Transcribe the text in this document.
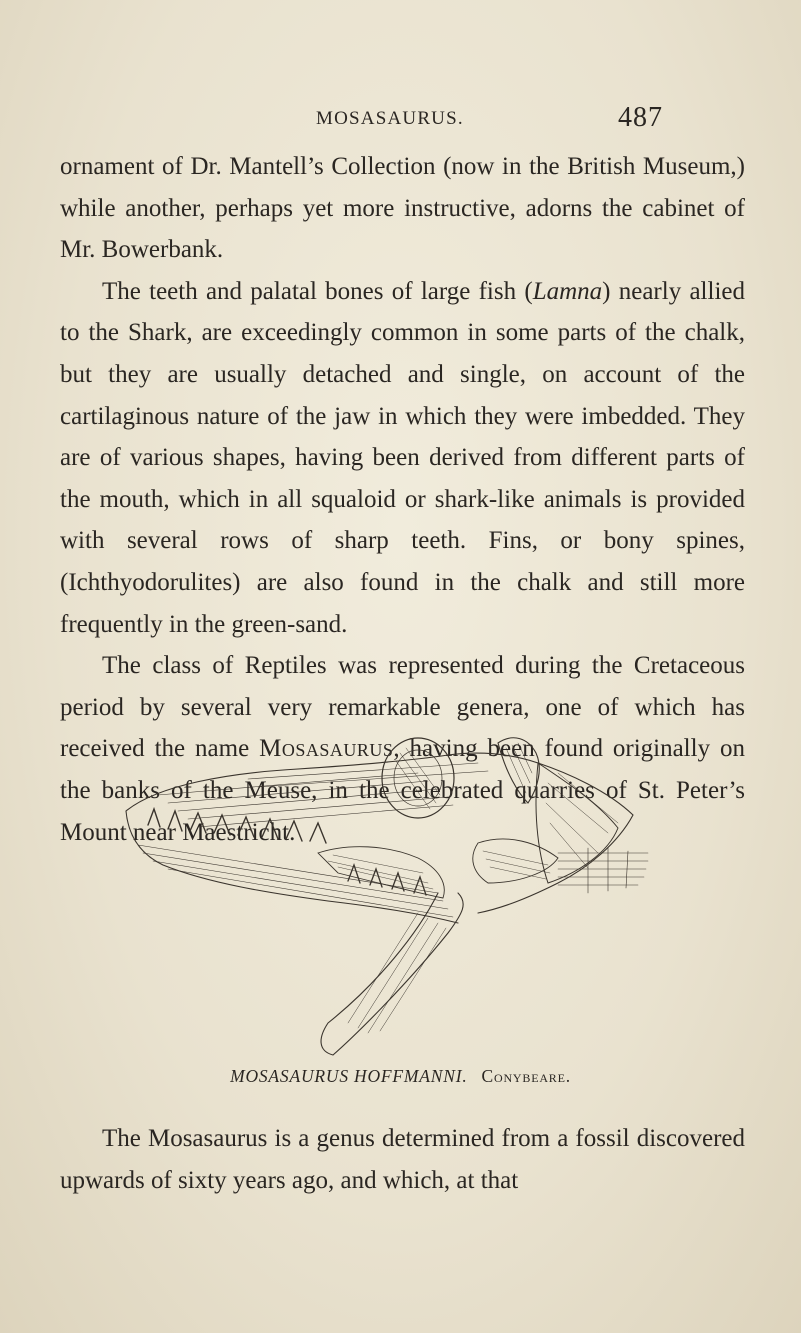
MOSASAURUS.	487

ornament of Dr. Mantell’s Collection (now in the British Museum,) while another, perhaps yet more instructive, adorns the cabinet of Mr. Bowerbank.

The teeth and palatal bones of large fish (Lamna) nearly allied to the Shark, are exceedingly common in some parts of the chalk, but they are usually detached and single, on account of the cartilaginous nature of the jaw in which they were imbedded. They are of various shapes, having been derived from different parts of the mouth, which in all squaloid or shark-like animals is provided with several rows of sharp teeth. Fins, or bony spines, (Ichthyodorulites) are also found in the chalk and still more frequently in the green-sand.

The class of Reptiles was represented during the Cretaceous period by several very remarkable genera, one of which has received the name Mosasaurus, having been found originally on the banks of the Meuse, in the celebrated quarries of St. Peter’s Mount near Maestricht.

MOSASAURUS HOFFMANNI. Conybeare.

The Mosasaurus is a genus determined from a fossil discovered upwards of sixty years ago, and which, at that
